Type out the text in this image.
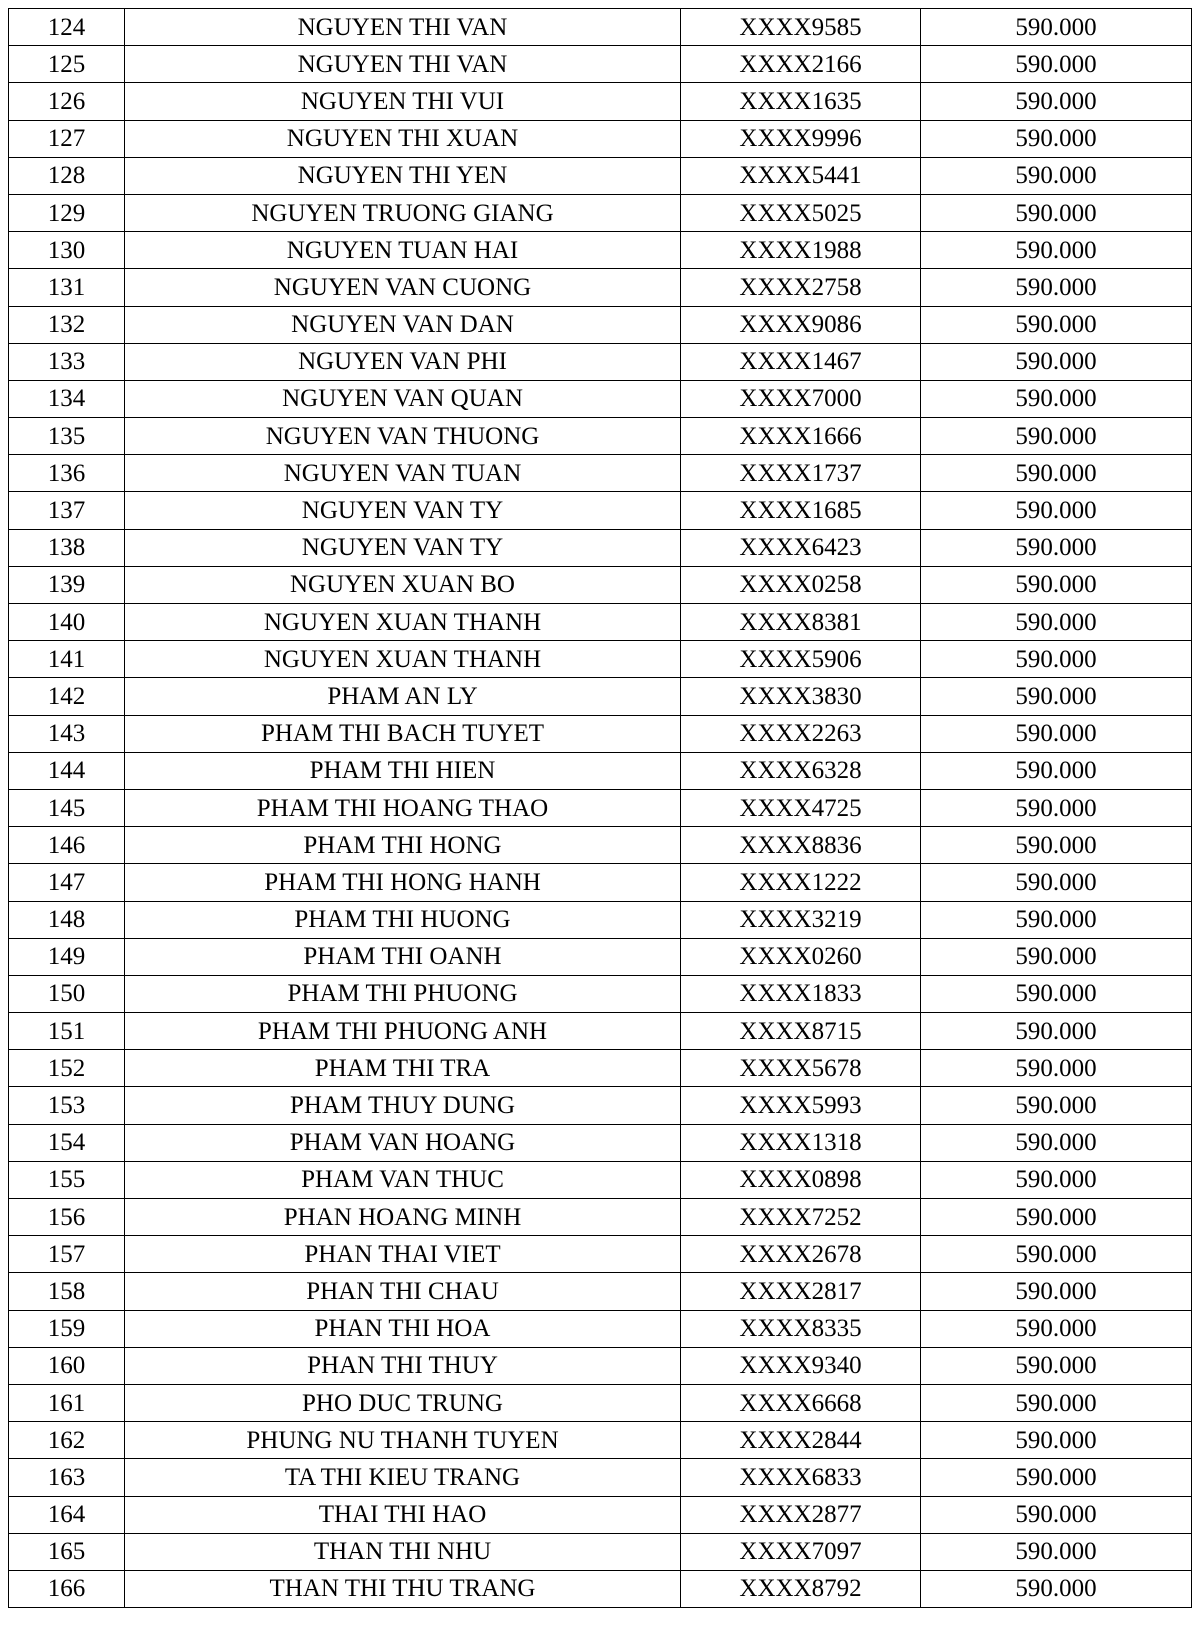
124	NGUYEN THI VAN	XXXX9585	590.000
125	NGUYEN THI VAN	XXXX2166	590.000
126	NGUYEN THI VUI	XXXX1635	590.000
127	NGUYEN THI XUAN	XXXX9996	590.000
128	NGUYEN THI YEN	XXXX5441	590.000
129	NGUYEN TRUONG GIANG	XXXX5025	590.000
130	NGUYEN TUAN HAI	XXXX1988	590.000
131	NGUYEN VAN CUONG	XXXX2758	590.000
132	NGUYEN VAN DAN	XXXX9086	590.000
133	NGUYEN VAN PHI	XXXX1467	590.000
134	NGUYEN VAN QUAN	XXXX7000	590.000
135	NGUYEN VAN THUONG	XXXX1666	590.000
136	NGUYEN VAN TUAN	XXXX1737	590.000
137	NGUYEN VAN TY	XXXX1685	590.000
138	NGUYEN VAN TY	XXXX6423	590.000
139	NGUYEN XUAN BO	XXXX0258	590.000
140	NGUYEN XUAN THANH	XXXX8381	590.000
141	NGUYEN XUAN THANH	XXXX5906	590.000
142	PHAM AN LY	XXXX3830	590.000
143	PHAM THI BACH TUYET	XXXX2263	590.000
144	PHAM THI HIEN	XXXX6328	590.000
145	PHAM THI HOANG THAO	XXXX4725	590.000
146	PHAM THI HONG	XXXX8836	590.000
147	PHAM THI HONG HANH	XXXX1222	590.000
148	PHAM THI HUONG	XXXX3219	590.000
149	PHAM THI OANH	XXXX0260	590.000
150	PHAM THI PHUONG	XXXX1833	590.000
151	PHAM THI PHUONG ANH	XXXX8715	590.000
152	PHAM THI TRA	XXXX5678	590.000
153	PHAM THUY DUNG	XXXX5993	590.000
154	PHAM VAN HOANG	XXXX1318	590.000
155	PHAM VAN THUC	XXXX0898	590.000
156	PHAN HOANG MINH	XXXX7252	590.000
157	PHAN THAI VIET	XXXX2678	590.000
158	PHAN THI CHAU	XXXX2817	590.000
159	PHAN THI HOA	XXXX8335	590.000
160	PHAN THI THUY	XXXX9340	590.000
161	PHO DUC TRUNG	XXXX6668	590.000
162	PHUNG NU THANH TUYEN	XXXX2844	590.000
163	TA THI KIEU TRANG	XXXX6833	590.000
164	THAI THI HAO	XXXX2877	590.000
165	THAN THI NHU	XXXX7097	590.000
166	THAN THI THU TRANG	XXXX8792	590.000
